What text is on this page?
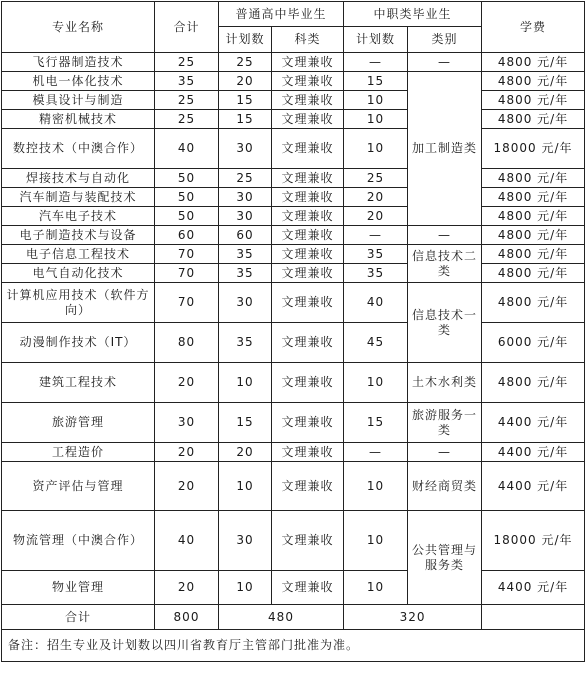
专业名称	合计	普通高中毕业生		中职类毕业生		学费
		计划数	科类	计划数	类别	
飞行器制造技术	25	25	文理兼收	—	—	4800 元/年
机电一体化技术	35	20	文理兼收	15	加工制造类	4800 元/年
模具设计与制造	25	15	文理兼收	10		4800 元/年
精密机械技术	25	15	文理兼收	10		4800 元/年
数控技术（中澳合作）	40	30	文理兼收	10		18000 元/年
焊接技术与自动化	50	25	文理兼收	25		4800 元/年
汽车制造与装配技术	50	30	文理兼收	20		4800 元/年
汽车电子技术	50	30	文理兼收	20		4800 元/年
电子制造技术与设备	60	60	文理兼收	—	—	4800 元/年
电子信息工程技术	70	35	文理兼收	35	信息技术二类	4800 元/年
电气自动化技术	70	35	文理兼收	35		4800 元/年
计算机应用技术（软件方向）	70	30	文理兼收	40	信息技术一类	4800 元/年
动漫制作技术（IT）	80	35	文理兼收	45		6000 元/年
建筑工程技术	20	10	文理兼收	10	土木水利类	4800 元/年
旅游管理	30	15	文理兼收	15	旅游服务一类	4400 元/年
工程造价	20	20	文理兼收	—	—	4400 元/年
资产评估与管理	20	10	文理兼收	10	财经商贸类	4400 元/年
物流管理（中澳合作）	40	30	文理兼收	10	公共管理与服务类	18000 元/年
物业管理	20	10	文理兼收	10		4400 元/年
合计	800	480		320		
备注：招生专业及计划数以四川省教育厅主管部门批准为准。						
